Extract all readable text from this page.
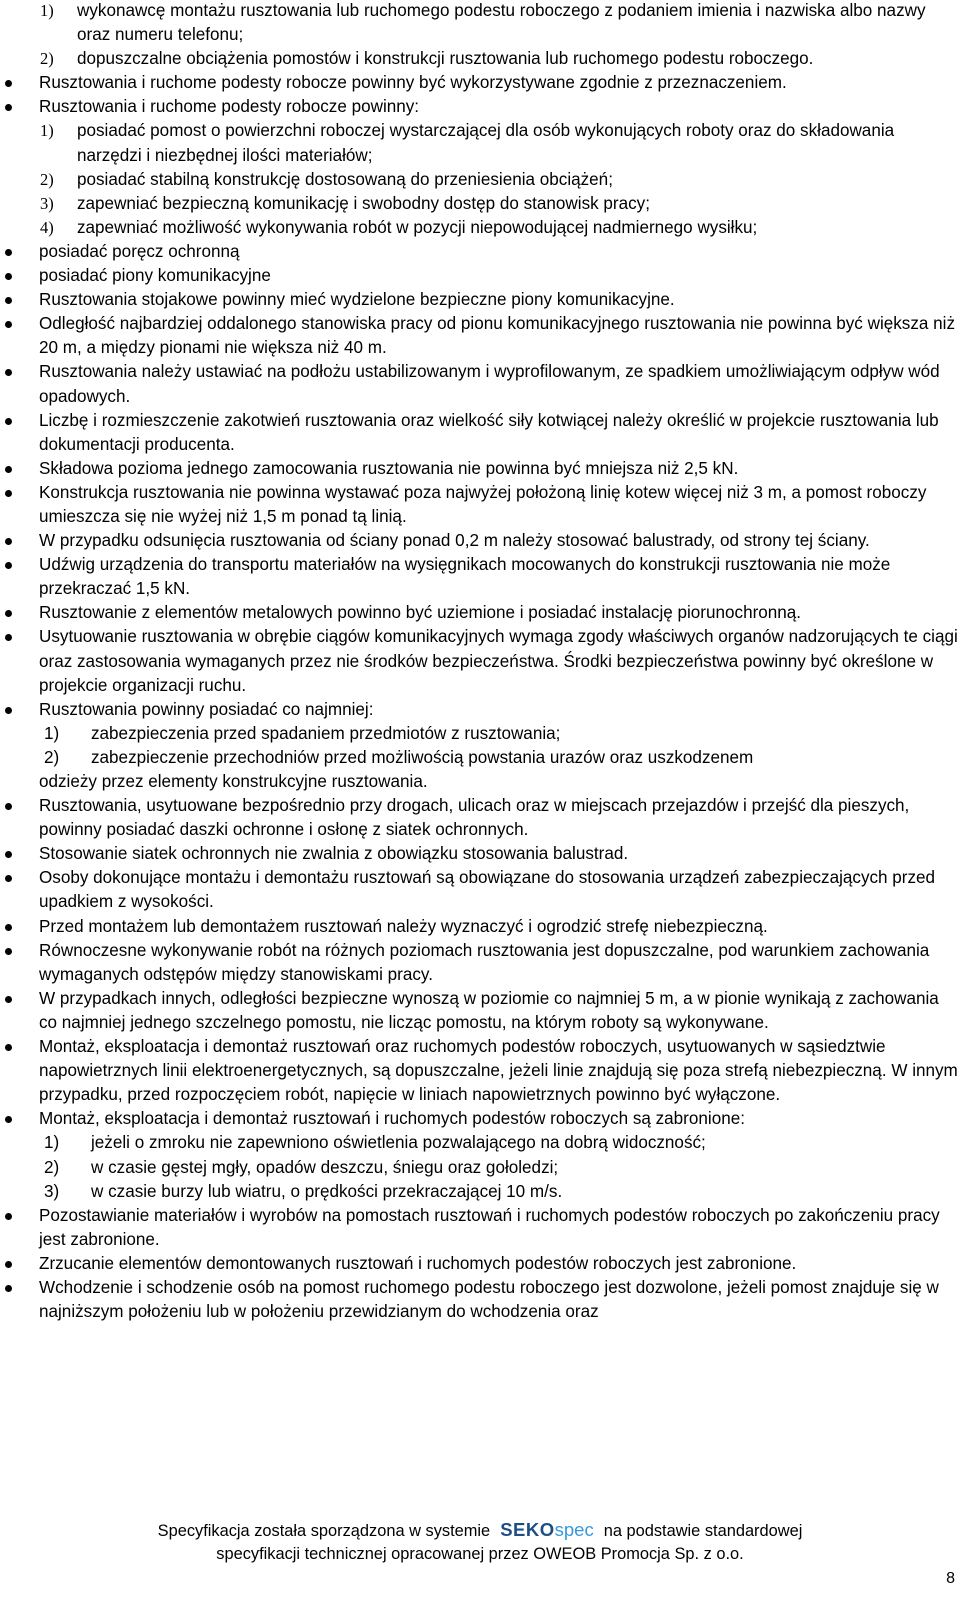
1) wykonawcę montażu rusztowania lub ruchomego podestu roboczego z podaniem imienia i nazwiska albo nazwy oraz numeru telefonu;
2) dopuszczalne obciążenia pomostów i konstrukcji rusztowania lub ruchomego podestu roboczego.
Rusztowania i ruchome podesty robocze powinny być wykorzystywane zgodnie z przeznaczeniem.
Rusztowania i ruchome podesty robocze powinny:
1) posiadać pomost o powierzchni roboczej wystarczającej dla osób wykonujących roboty oraz do składowania narzędzi i niezbędnej ilości materiałów;
2) posiadać stabilną konstrukcję dostosowaną do przeniesienia obciążeń;
3) zapewniać bezpieczną komunikację i swobodny dostęp do stanowisk pracy;
4) zapewniać możliwość wykonywania robót w pozycji niepowodującej nadmiernego wysiłku;
posiadać poręcz ochronną
posiadać piony komunikacyjne
Rusztowania stojakowe powinny mieć wydzielone bezpieczne piony komunikacyjne.
Odległość najbardziej oddalonego stanowiska pracy od pionu komunikacyjnego rusztowania nie powinna być większa niż 20 m, a między pionami nie większa niż 40 m.
Rusztowania należy ustawiać na podłożu ustabilizowanym i wyprofilowanym, ze spadkiem umożliwiającym odpływ wód opadowych.
Liczbę i rozmieszczenie zakotwień rusztowania oraz wielkość siły kotwiącej należy określić w projekcie rusztowania lub dokumentacji producenta.
Składowa pozioma jednego zamocowania rusztowania nie powinna być mniejsza niż 2,5 kN.
Konstrukcja rusztowania nie powinna wystawać poza najwyżej położoną linię kotew więcej niż 3 m, a pomost roboczy umieszcza się nie wyżej niż 1,5 m ponad tą linią.
W przypadku odsunięcia rusztowania od ściany ponad 0,2 m należy stosować balustrady, od strony tej ściany.
Udźwig urządzenia do transportu materiałów na wysięgnikach mocowanych do konstrukcji rusztowania nie może przekraczać 1,5 kN.
Rusztowanie z elementów metalowych powinno być uziemione i posiadać instalację piorunochronną.
Usytuowanie rusztowania w obrębie ciągów komunikacyjnych wymaga zgody właściwych organów nadzorujących te ciągi oraz zastosowania wymaganych przez nie środków bezpieczeństwa. Środki bezpieczeństwa powinny być określone w projekcie organizacji ruchu.
Rusztowania powinny posiadać co najmniej:
1) zabezpieczenia przed spadaniem przedmiotów z rusztowania;
2) zabezpieczenie przechodniów przed możliwością powstania urazów oraz uszkodzenem
odzieży przez elementy konstrukcyjne rusztowania.
Rusztowania, usytuowane bezpośrednio przy drogach, ulicach oraz w miejscach przejazdów i przejść dla pieszych, powinny posiadać daszki ochronne i osłonę z siatek ochronnych.
Stosowanie siatek ochronnych nie zwalnia z obowiązku stosowania balustrad.
Osoby dokonujące montażu i demontażu rusztowań są obowiązane do stosowania urządzeń zabezpieczających przed upadkiem z wysokości.
Przed montażem lub demontażem rusztowań należy wyznaczyć i ogrodzić strefę niebezpieczną.
Równoczesne wykonywanie robót na różnych poziomach rusztowania jest dopuszczalne, pod warunkiem zachowania wymaganych odstępów między stanowiskami pracy.
W przypadkach innych, odległości bezpieczne wynoszą w poziomie co najmniej 5 m, a w pionie wynikają z zachowania co najmniej jednego szczelnego pomostu, nie licząc pomostu, na którym roboty są wykonywane.
Montaż, eksploatacja i demontaż rusztowań oraz ruchomych podestów roboczych, usytuowanych w sąsiedztwie napowietrznych linii elektroenergetycznych, są dopuszczalne, jeżeli linie znajdują się poza strefą niebezpieczną. W innym przypadku, przed rozpoczęciem robót, napięcie w liniach napowietrznych powinno być wyłączone.
Montaż, eksploatacja i demontaż rusztowań i ruchomych podestów roboczych są zabronione:
1) jeżeli o zmroku nie zapewniono oświetlenia pozwalającego na dobrą widoczność;
2) w czasie gęstej mgły, opadów deszczu, śniegu oraz gołoledzi;
3) w czasie burzy lub wiatru, o prędkości przekraczającej 10 m/s.
Pozostawianie materiałów i wyrobów na pomostach rusztowań i ruchomych podestów roboczych po zakończeniu pracy jest zabronione.
Zrzucanie elementów demontowanych rusztowań i ruchomych podestów roboczych jest zabronione.
Wchodzenie i schodzenie osób na pomost ruchomego podestu roboczego jest dozwolone, jeżeli pomost znajduje się w najniższym położeniu lub w położeniu przewidzianym do wchodzenia oraz
Specyfikacja została sporządzona w systemie SEKOspec na podstawie standardowej
specyfikacji technicznej opracowanej przez OWEOB Promocja Sp. z o.o.
8
